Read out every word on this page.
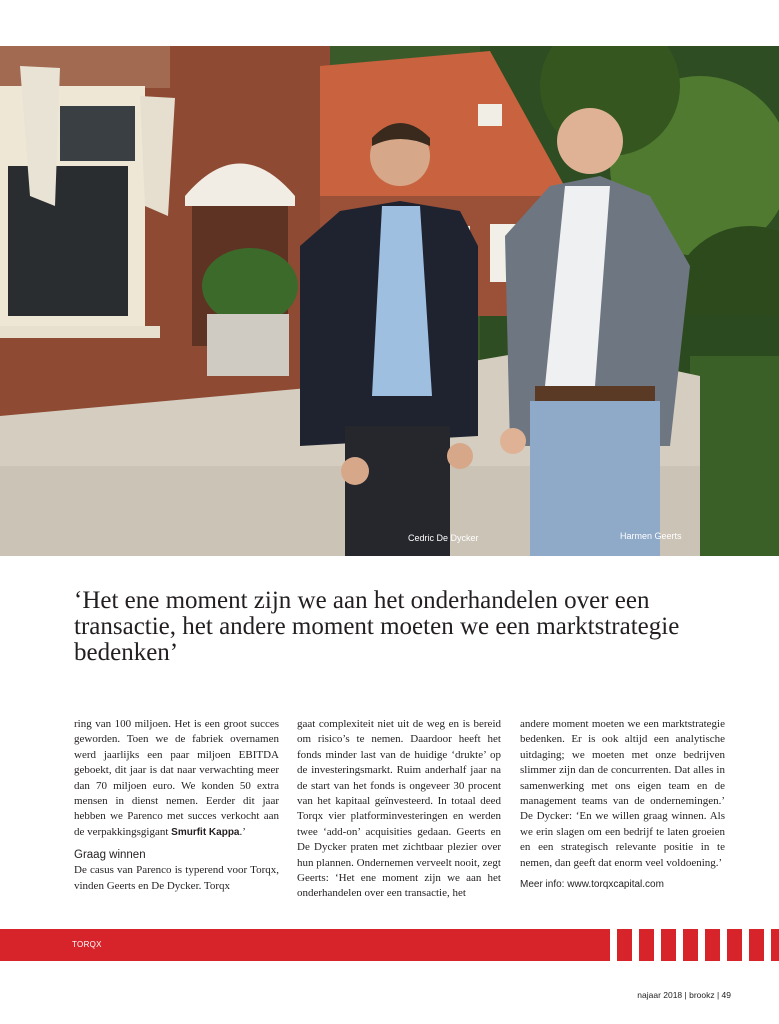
Cedric De Dycker	Harmen Geerts
‘Het ene moment zijn we aan het onderhandelen over een transactie, het andere moment moeten we een marktstrategie bedenken’

ring van 100 miljoen. Het is een groot succes geworden. Toen we de fabriek overnamen werd jaarlijks een paar miljoen EBITDA geboekt, dit jaar is dat naar verwachting meer dan 70 miljoen euro. We konden 50 extra mensen in dienst nemen. Eerder dit jaar hebben we Parenco met succes verkocht aan de verpakkingsgigant Smurfit Kappa.’

Graag winnen

De casus van Parenco is typerend voor Torqx, vinden Geerts en De Dycker. Torqx

gaat complexiteit niet uit de weg en is bereid om risico’s te nemen. Daardoor heeft het fonds minder last van de huidige ‘drukte’ op de investeringsmarkt. Ruim anderhalf jaar na de start van het fonds is ongeveer 30 procent van het kapitaal geïnvesteerd. In totaal deed Torqx vier platforminvesteringen en werden twee ‘add-on’ acquisities gedaan. Geerts en De Dycker praten met zichtbaar plezier over hun plannen. Ondernemen verveelt nooit, zegt Geerts: ‘Het ene moment zijn we aan het onderhandelen over een transactie, het

andere moment moeten we een marktstrategie bedenken. Er is ook altijd een analytische uitdaging; we moeten met onze bedrijven slimmer zijn dan de concurrenten. Dat alles in samenwerking met ons eigen team en de management teams van de ondernemingen.’ De Dycker: ‘En we willen graag winnen. Als we erin slagen om een bedrijf te laten groeien en een strategisch relevante positie in te nemen, dan geeft dat enorm veel voldoening.’

Meer info: www.torqxcapital.com
TORQX
najaar 2018 | brookz | 49
